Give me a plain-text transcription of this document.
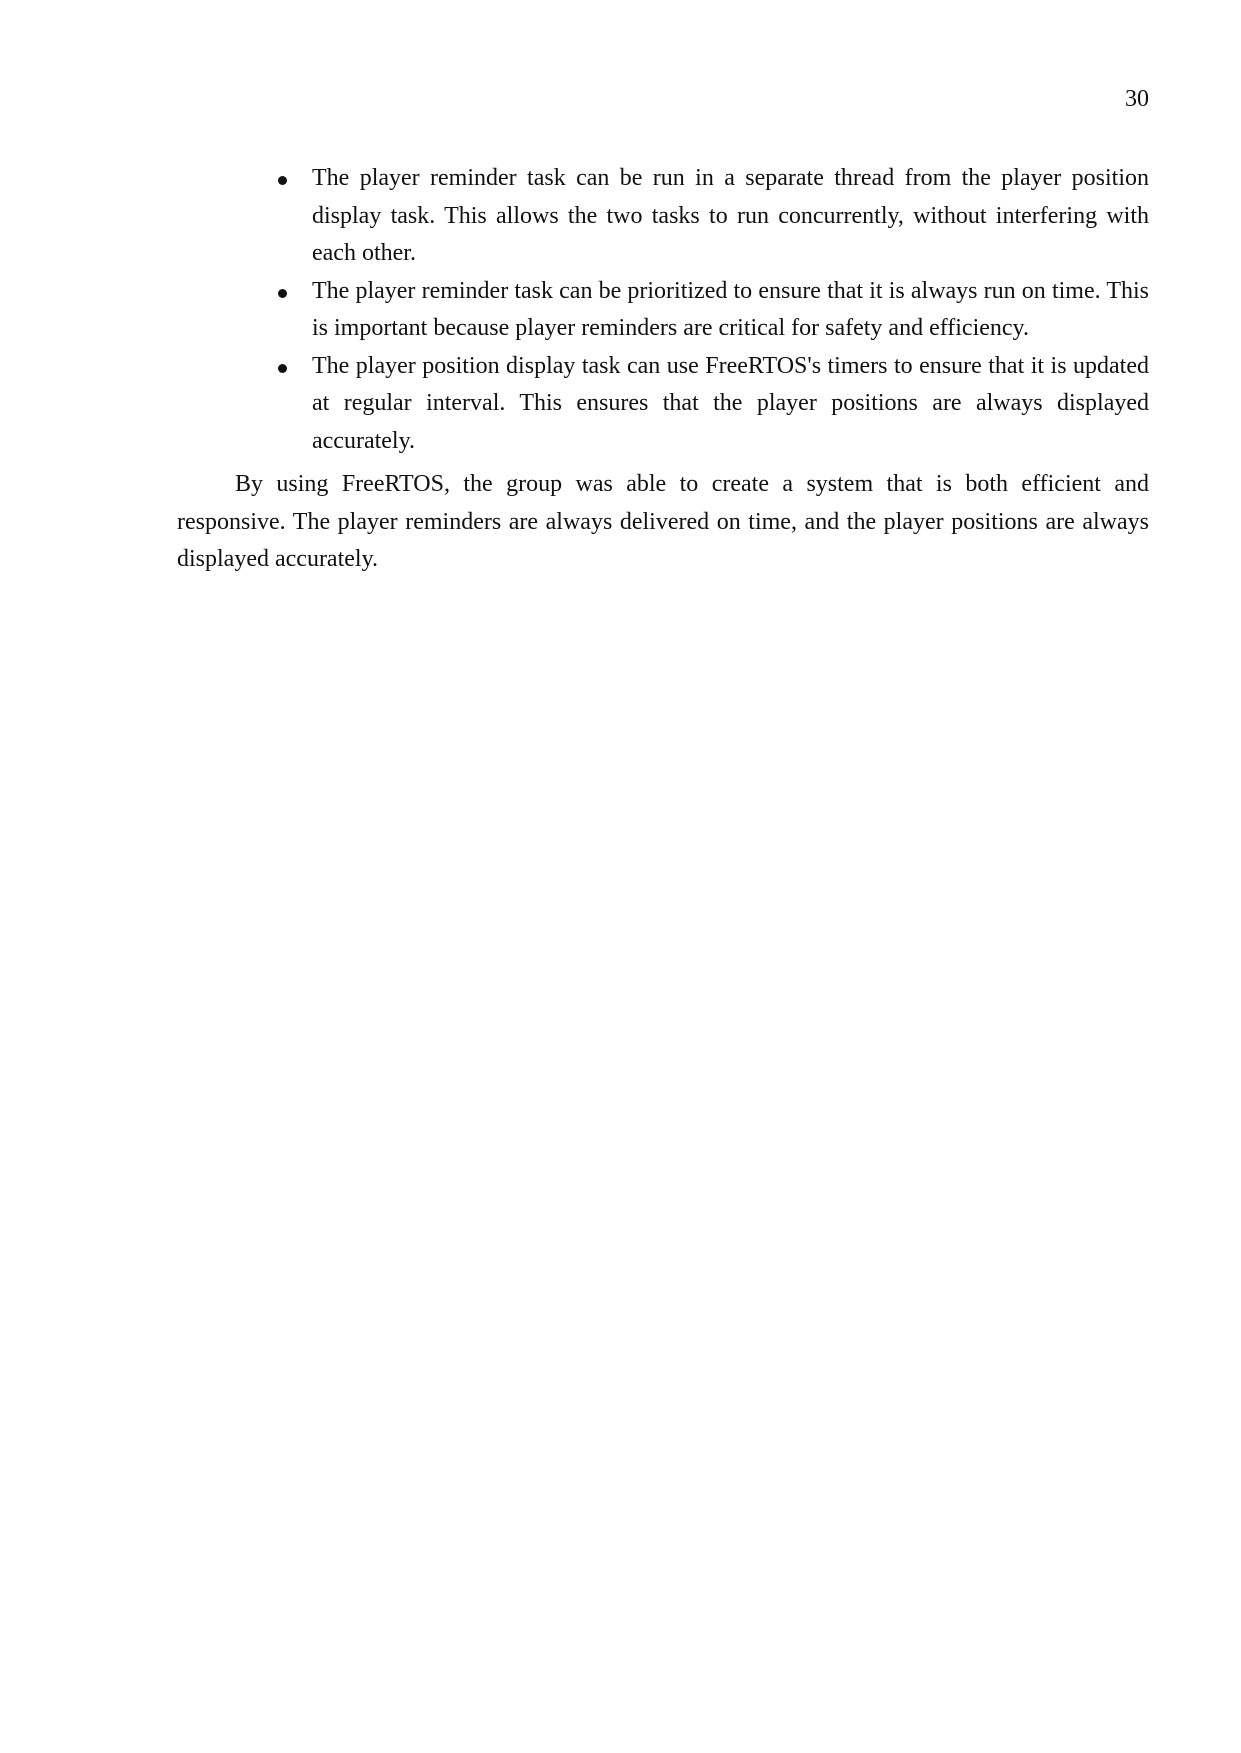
30
The player reminder task can be run in a separate thread from the player position display task. This allows the two tasks to run concurrently, without interfering with each other.
The player reminder task can be prioritized to ensure that it is always run on time. This is important because player reminders are critical for safety and efficiency.
The player position display task can use FreeRTOS's timers to ensure that it is updated at regular interval. This ensures that the player positions are always displayed accurately.

By using FreeRTOS, the group was able to create a system that is both efficient and responsive. The player reminders are always delivered on time, and the player positions are always displayed accurately.
